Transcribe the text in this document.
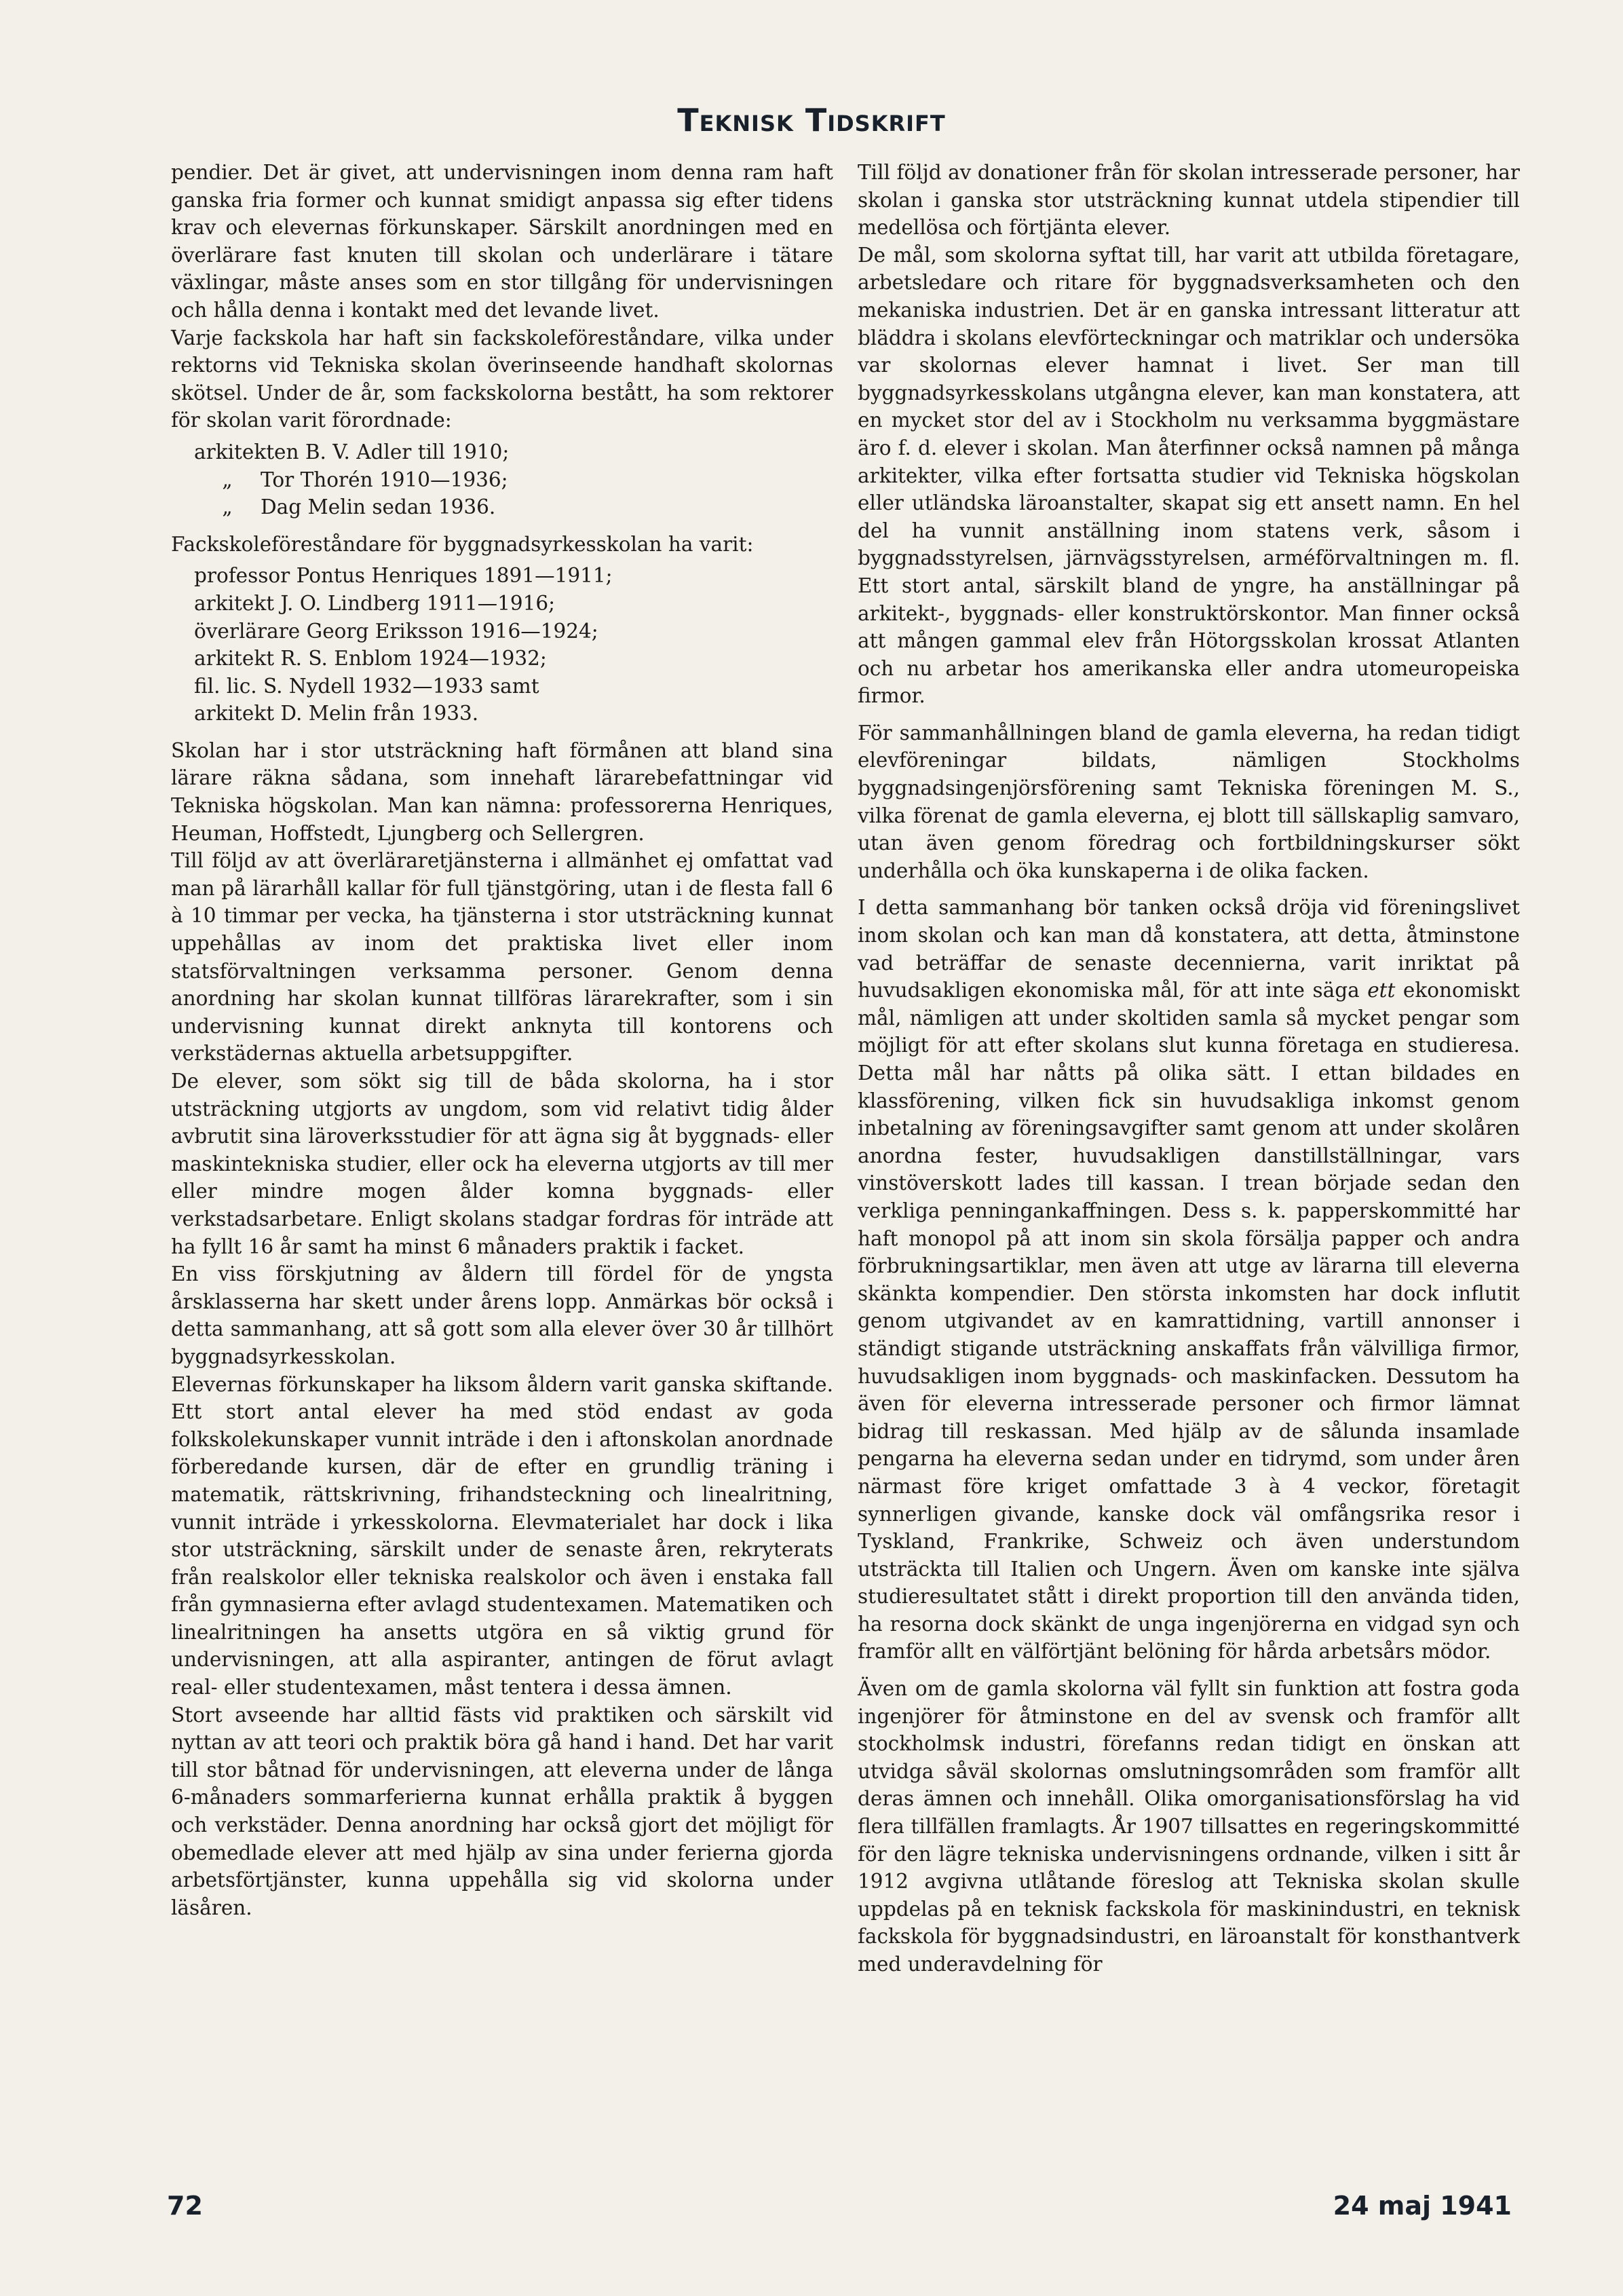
Teknisk Tidskrift

pendier. Det är givet, att undervisningen inom denna ram haft ganska fria former och kunnat smidigt anpassa sig efter tidens krav och elevernas förkunskaper. Särskilt anordningen med en överlärare fast knuten till skolan och underlärare i tätare växlingar, måste anses som en stor tillgång för undervisningen och hålla denna i kontakt med det levande livet.

Varje fackskola har haft sin fackskoleföreståndare, vilka under rektorns vid Tekniska skolan överinseende handhaft skolornas skötsel. Under de år, som fackskolorna bestått, ha som rektorer för skolan varit förordnade:

arkitekten B. V. Adler till 1910;
„ Tor Thorén 1910—1936;
„ Dag Melin sedan 1936.

Fackskoleföreståndare för byggnadsyrkesskolan ha varit:

professor Pontus Henriques 1891—1911;
arkitekt J. O. Lindberg 1911—1916;
överlärare Georg Eriksson 1916—1924;
arkitekt R. S. Enblom 1924—1932;
fil. lic. S. Nydell 1932—1933 samt
arkitekt D. Melin från 1933.

Skolan har i stor utsträckning haft förmånen att bland sina lärare räkna sådana, som innehaft lärarebefattningar vid Tekniska högskolan. Man kan nämna: professorerna Henriques, Heuman, Hoffstedt, Ljungberg och Sellergren.

Till följd av att överläraretjänsterna i allmänhet ej omfattat vad man på lärarhåll kallar för full tjänstgöring, utan i de flesta fall 6 à 10 timmar per vecka, ha tjänsterna i stor utsträckning kunnat uppehållas av inom det praktiska livet eller inom statsförvaltningen verksamma personer. Genom denna anordning har skolan kunnat tillföras lärarekrafter, som i sin undervisning kunnat direkt anknyta till kontorens och verkstädernas aktuella arbetsuppgifter.

De elever, som sökt sig till de båda skolorna, ha i stor utsträckning utgjorts av ungdom, som vid relativt tidig ålder avbrutit sina läroverksstudier för att ägna sig åt byggnads- eller maskintekniska studier, eller ock ha eleverna utgjorts av till mer eller mindre mogen ålder komna byggnads- eller verkstadsarbetare. Enligt skolans stadgar fordras för inträde att ha fyllt 16 år samt ha minst 6 månaders praktik i facket.

En viss förskjutning av åldern till fördel för de yngsta årsklasserna har skett under årens lopp. Anmärkas bör också i detta sammanhang, att så gott som alla elever över 30 år tillhört byggnadsyrkesskolan.

Elevernas förkunskaper ha liksom åldern varit ganska skiftande. Ett stort antal elever ha med stöd endast av goda folkskolekunskaper vunnit inträde i den i aftonskolan anordnade förberedande kursen, där de efter en grundlig träning i matematik, rättskrivning, frihandsteckning och linealritning, vunnit inträde i yrkesskolorna. Elevmaterialet har dock i lika stor utsträckning, särskilt under de senaste åren, rekryterats från realskolor eller tekniska realskolor och även i enstaka fall från gymnasierna efter avlagd studentexamen. Matematiken och linealritningen ha ansetts utgöra en så viktig grund för undervisningen, att alla aspiranter, antingen de förut avlagt real- eller studentexamen, måst tentera i dessa ämnen.

Stort avseende har alltid fästs vid praktiken och särskilt vid nyttan av att teori och praktik böra gå hand i hand. Det har varit till stor båtnad för undervisningen, att eleverna under de långa 6-månaders sommarferierna kunnat erhålla praktik å byggen och verkstäder. Denna anordning har också gjort det möjligt för obemedlade elever att med hjälp av sina under ferierna gjorda arbetsförtjänster, kunna uppehålla sig vid skolorna under läsåren.

Till följd av donationer från för skolan intresserade personer, har skolan i ganska stor utsträckning kunnat utdela stipendier till medellösa och förtjänta elever.

De mål, som skolorna syftat till, har varit att utbilda företagare, arbetsledare och ritare för byggnadsverksamheten och den mekaniska industrien. Det är en ganska intressant litteratur att bläddra i skolans elevförteckningar och matriklar och undersöka var skolornas elever hamnat i livet. Ser man till byggnadsyrkesskolans utgångna elever, kan man konstatera, att en mycket stor del av i Stockholm nu verksamma byggmästare äro f. d. elever i skolan. Man återfinner också namnen på många arkitekter, vilka efter fortsatta studier vid Tekniska högskolan eller utländska läroanstalter, skapat sig ett ansett namn. En hel del ha vunnit anställning inom statens verk, såsom i byggnadsstyrelsen, järnvägsstyrelsen, arméförvaltningen m. fl. Ett stort antal, särskilt bland de yngre, ha anställningar på arkitekt-, byggnads- eller konstruktörskontor. Man finner också att mången gammal elev från Hötorgsskolan krossat Atlanten och nu arbetar hos amerikanska eller andra utomeuropeiska firmor.

För sammanhållningen bland de gamla eleverna, ha redan tidigt elevföreningar bildats, nämligen Stockholms byggnadsingenjörsförening samt Tekniska föreningen M. S., vilka förenat de gamla eleverna, ej blott till sällskaplig samvaro, utan även genom föredrag och fortbildningskurser sökt underhålla och öka kunskaperna i de olika facken.

I detta sammanhang bör tanken också dröja vid föreningslivet inom skolan och kan man då konstatera, att detta, åtminstone vad beträffar de senaste decennierna, varit inriktat på huvudsakligen ekonomiska mål, för att inte säga ett ekonomiskt mål, nämligen att under skoltiden samla så mycket pengar som möjligt för att efter skolans slut kunna företaga en studieresa. Detta mål har nåtts på olika sätt. I ettan bildades en klassförening, vilken fick sin huvudsakliga inkomst genom inbetalning av föreningsavgifter samt genom att under skolåren anordna fester, huvudsakligen danstillställningar, vars vinstöverskott lades till kassan. I trean började sedan den verkliga penningankaffningen. Dess s. k. papperskommitté har haft monopol på att inom sin skola försälja papper och andra förbrukningsartiklar, men även att utge av lärarna till eleverna skänkta kompendier. Den största inkomsten har dock influtit genom utgivandet av en kamrattidning, vartill annonser i ständigt stigande utsträckning anskaffats från välvilliga firmor, huvudsakligen inom byggnads- och maskinfacken. Dessutom ha även för eleverna intresserade personer och firmor lämnat bidrag till reskassan. Med hjälp av de sålunda insamlade pengarna ha eleverna sedan under en tidrymd, som under åren närmast före kriget omfattade 3 à 4 veckor, företagit synnerligen givande, kanske dock väl omfångsrika resor i Tyskland, Frankrike, Schweiz och även understundom utsträckta till Italien och Ungern. Även om kanske inte själva studieresultatet stått i direkt proportion till den använda tiden, ha resorna dock skänkt de unga ingenjörerna en vidgad syn och framför allt en välförtjänt belöning för hårda arbetsårs mödor.

Även om de gamla skolorna väl fyllt sin funktion att fostra goda ingenjörer för åtminstone en del av svensk och framför allt stockholmsk industri, förefanns redan tidigt en önskan att utvidga såväl skolornas omslutningsområden som framför allt deras ämnen och innehåll. Olika omorganisationsförslag ha vid flera tillfällen framlagts. År 1907 tillsattes en regeringskommitté för den lägre tekniska undervisningens ordnande, vilken i sitt år 1912 avgivna utlåtande föreslog att Tekniska skolan skulle uppdelas på en teknisk fackskola för maskinindustri, en teknisk fackskola för byggnadsindustri, en läroanstalt för konsthantverk med underavdelning för

72	24 maj 1941
